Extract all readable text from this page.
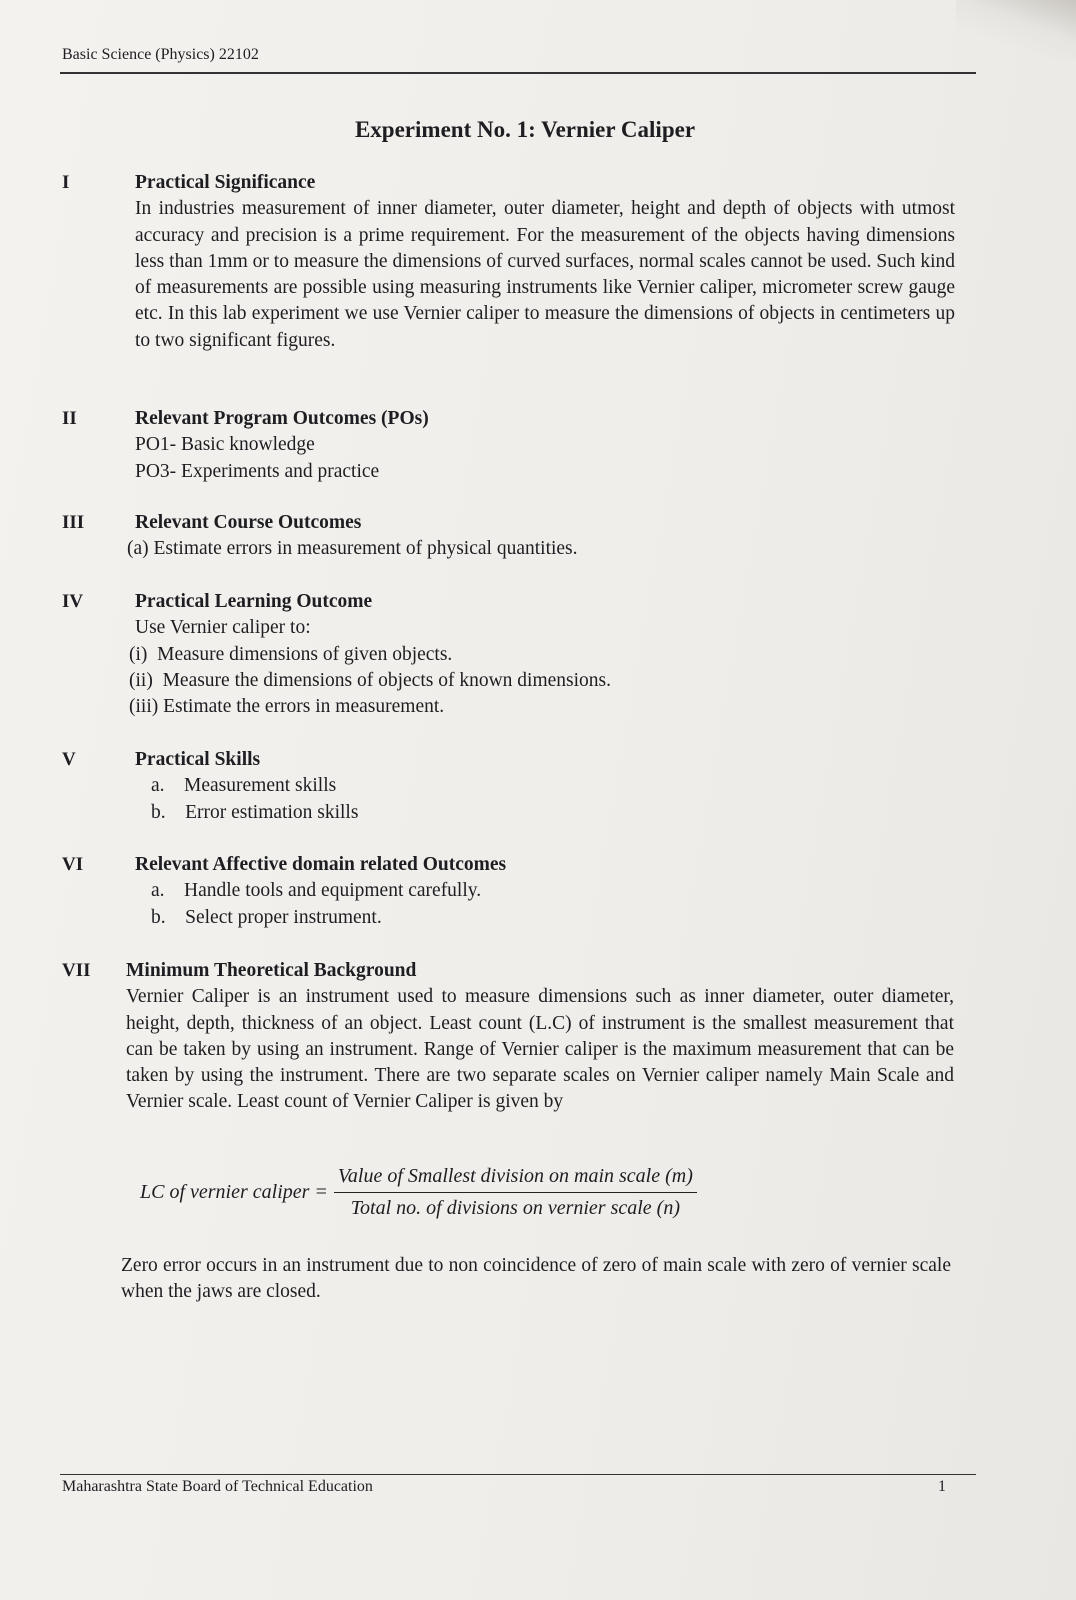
Basic Science (Physics) 22102
Experiment No. 1: Vernier Caliper
I	Practical Significance
In industries measurement of inner diameter, outer diameter, height and depth of objects with utmost accuracy and precision is a prime requirement. For the measurement of the objects having dimensions less than 1mm or to measure the dimensions of curved surfaces, normal scales cannot be used. Such kind of measurements are possible using measuring instruments like Vernier caliper, micrometer screw gauge etc. In this lab experiment we use Vernier caliper to measure the dimensions of objects in centimeters up to two significant figures.
II	Relevant Program Outcomes (POs)
PO1- Basic knowledge
PO3- Experiments and practice
III	Relevant Course Outcomes
(a) Estimate errors in measurement of physical quantities.
IV	Practical Learning Outcome
Use Vernier caliper to:
(i)  Measure dimensions of given objects.
(ii)  Measure the dimensions of objects of known dimensions.
(iii) Estimate the errors in measurement.
V	Practical Skills
a.    Measurement skills
b.    Error estimation skills
VI	Relevant Affective domain related Outcomes
a.    Handle tools and equipment carefully.
b.    Select proper instrument.
VII Minimum Theoretical Background
Vernier Caliper is an instrument used to measure dimensions such as inner diameter, outer diameter, height, depth, thickness of an object. Least count (L.C) of instrument is the smallest measurement that can be taken by using an instrument. Range of Vernier caliper is the maximum measurement that can be taken by using the instrument. There are two separate scales on Vernier caliper namely Main Scale and Vernier scale. Least count of Vernier Caliper is given by
LC of vernier caliper = $\frac{\text{Value of Smallest division on main scale (m)}}{\text{Total no. of divisions on vernier scale (n)}}$
Zero error occurs in an instrument due to non coincidence of zero of main scale with zero of vernier scale when the jaws are closed.
Maharashtra State Board of Technical Education	1
